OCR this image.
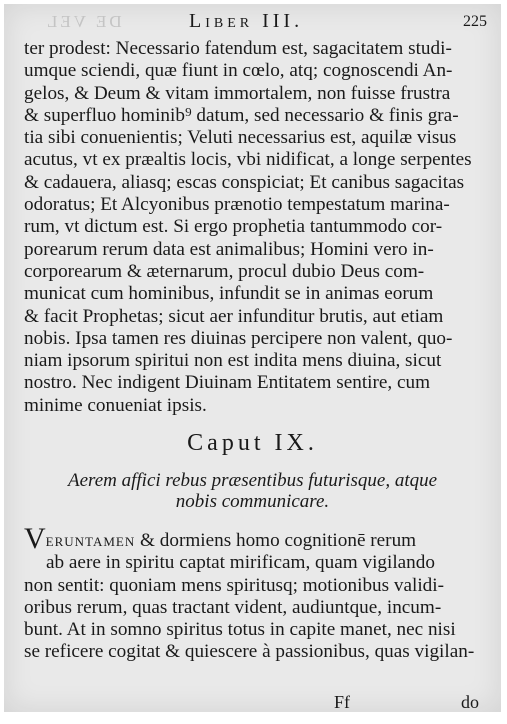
DE VEL	Liber III.	225
ter prodest: Necessario fatendum est, sagacitatem studi-
umque sciendi, quæ fiunt in cœlo, atq; cognoscendi An-
gelos, & Deum & vitam immortalem, non fuisse frustra
& superfluo hominib⁹ datum, sed necessario & finis gra-
tia sibi conuenientis; Veluti necessarius est, aquilæ visus
acutus, vt ex præaltis locis, vbi nidificat, a longe serpentes
& cadauera, aliasq; escas conspiciat; Et canibus sagacitas
odoratus; Et Alcyonibus prænotio tempestatum marina-
rum, vt dictum est. Si ergo prophetia tantummodo cor-
porearum rerum data est animalibus; Homini vero in-
corporearum & æternarum, procul dubio Deus com-
municat cum hominibus, infundit se in animas eorum
& facit Prophetas; sicut aer infunditur brutis, aut etiam
nobis. Ipsa tamen res diuinas percipere non valent, quo-
niam ipsorum spiritui non est indita mens diuina, sicut
nostro. Nec indigent Diuinam Entitatem sentire, cum
minime conueniat ipsis.
Caput IX.
Aerem affici rebus præsentibus futurisque, atque
nobis communicare.
Veruntamen & dormiens homo cognitionē rerum
ab aere in spiritu captat mirificam, quam vigilando
non sentit: quoniam mens spiritusq; motionibus validi-
oribus rerum, quas tractant vident, audiuntque, incum-
bunt. At in somno spiritus totus in capite manet, nec nisi
se reficere cogitat & quiescere à passionibus, quas vigilan-
Ff	do
